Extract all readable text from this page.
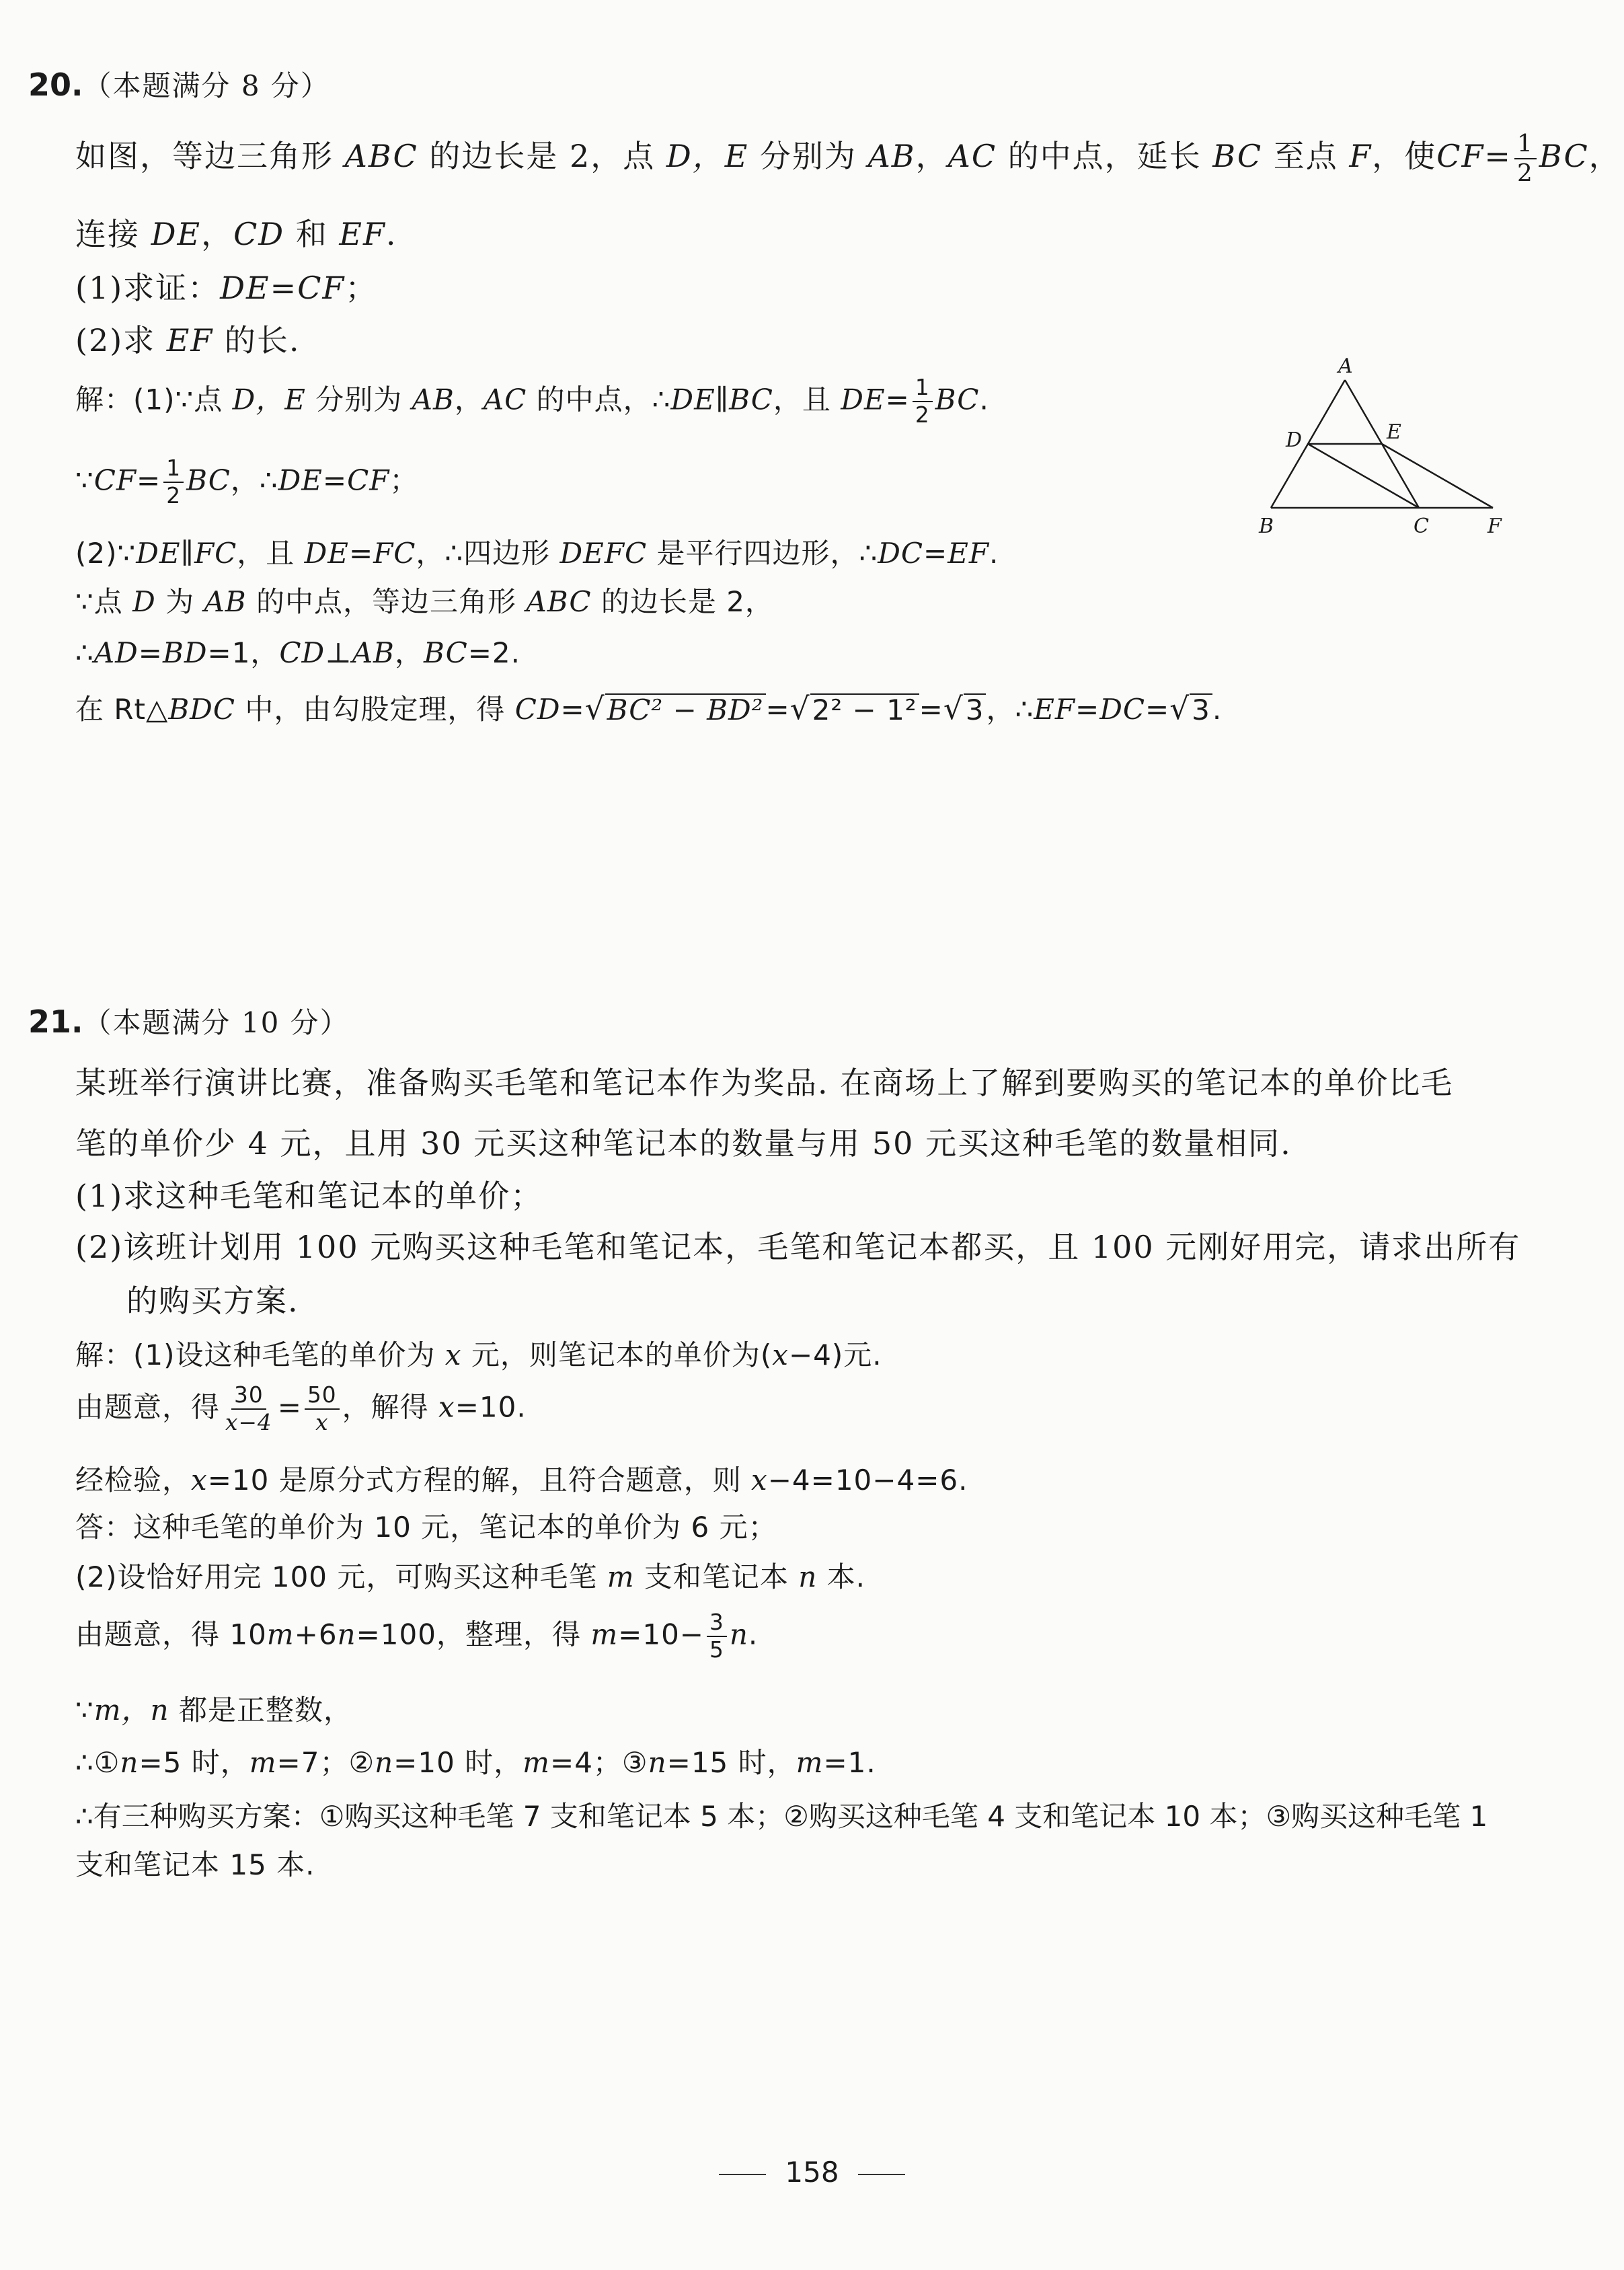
20.（本题满分 8 分）
如图，等边三角形 ABC 的边长是 2，点 D，E 分别为 AB，AC 的中点，延长 BC 至点 F，使$CF= \frac{1}{2}$ BC，
连接 DE，CD 和 EF.
(1)求证：DE=CF；
(2)求 EF 的长.
解：(1)∵点 D，E 分别为 AB，AC 的中点，∴DE∥BC，且 $DE= \frac{1}{2}$ BC.
∵CF= $\frac{1}{2}$ BC，∴DE=CF；
(2)∵DE∥FC，且 DE=FC，∴四边形 DEFC 是平行四边形，∴DC=EF.
∵点 D 为 AB 的中点，等边三角形 ABC 的边长是 2，
∴AD=BD=1，CD⊥AB，BC=2.
在 Rt△BDC 中，由勾股定理，得 CD= √ BC² − BD² = √ 2² − 1² = √ 3 ，∴EF=DC= √ 3 .
A
B	C
D	E
F
21.（本题满分 10 分）
某班举行演讲比赛，准备购买毛笔和笔记本作为奖品. 在商场上了解到要购买的笔记本的单价比毛
笔的单价少 4 元，且用 30 元买这种笔记本的数量与用 50 元买这种毛笔的数量相同.
(1)求这种毛笔和笔记本的单价；
(2)该班计划用 100 元购买这种毛笔和笔记本，毛笔和笔记本都买，且 100 元刚好用完，请求出所有
的购买方案.
解：(1)设这种毛笔的单价为 x 元，则笔记本的单价为(x−4)元.
由题意，得 $\frac{30}{x-4} = \frac{50}{x}$ ，解得 x=10.
经检验，x=10 是原分式方程的解，且符合题意，则 x−4=10−4=6.
答：这种毛笔的单价为 10 元，笔记本的单价为 6 元；
(2)设恰好用完 100 元，可购买这种毛笔 m 支和笔记本 n 本.
由题意，得 10m+6n=100，整理，得 $m=10- \frac{3}{5} n$.
∵m，n 都是正整数，
∴①n=5 时，m=7；②n=10 时，m=4；③n=15 时，m=1.
∴有三种购买方案：①购买这种毛笔 7 支和笔记本 5 本；②购买这种毛笔 4 支和笔记本 10 本；③购买这种毛笔 1
支和笔记本 15 本.
158
